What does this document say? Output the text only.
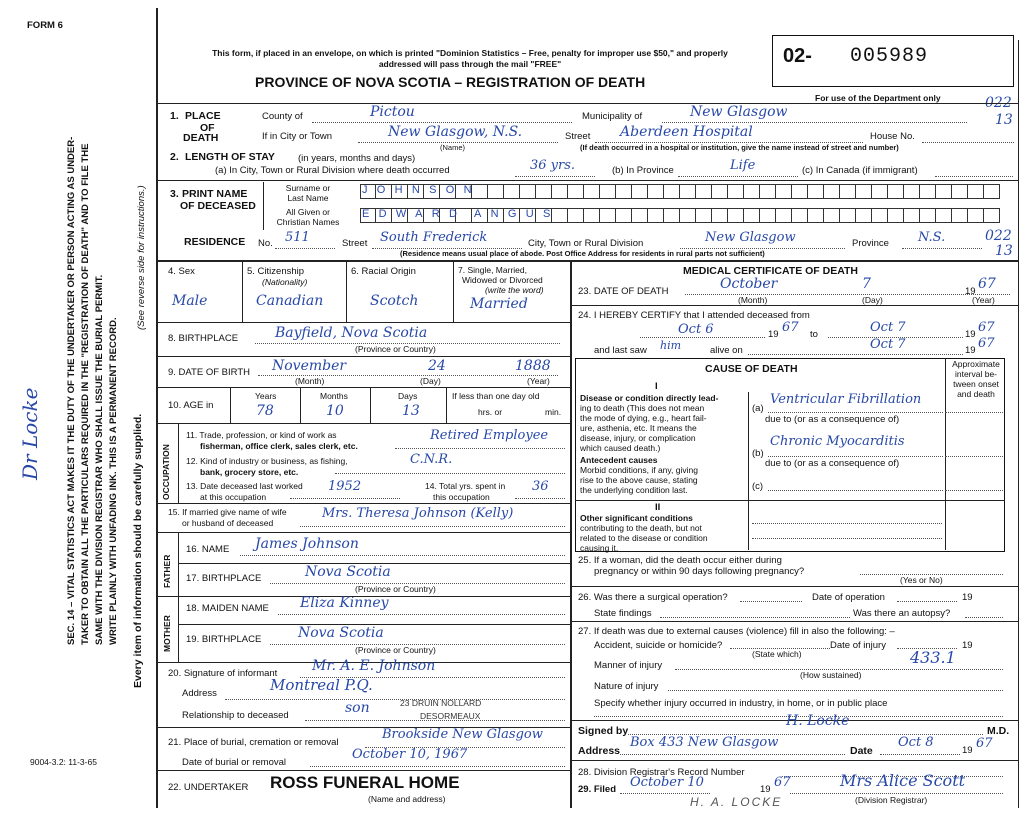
FORM 6
SEC. 14 – VITAL STATISTICS ACT MAKES IT THE DUTY OF THE UNDERTAKER OR PERSON ACTING AS UNDER- TAKER TO OBTAIN ALL THE PARTICULARS REQUIRED IN THE "REGISTRATION OF DEATH" AND TO FILE THE SAME WITH THE DIVISION REGISTRAR WHO SHALL ISSUE THE BURIAL PERMIT. WRITE PLAINLY WITH UNFADING INK. THIS IS A PERMANENT RECORD. Every item of information should be carefully supplied.
(See reverse side for instructions.)
Dr Locke
This form, if placed in an envelope, on which is printed "Dominion Statistics – Free, penalty for improper use $50," and properly addressed will pass through the mail "FREE"
PROVINCE OF NOVA SCOTIA – REGISTRATION OF DEATH
02- 005989
For use of the Department only	022
13
1. PLACE
OF
DEATH
County of	Pictou	Municipality of	New Glasgow
If in City or Town	New Glasgow, N.S.
(Name)
Street Aberdeen Hospital	House No.
(If death occurred in a hospital or institution, give the name instead of street and number)
2. LENGTH OF STAY (in years, months and days)
(a) In City, Town or Rural Division where death occurred	36 yrs.	(b) In Province	Life	(c) In Canada (if immigrant)
3. PRINT NAME
OF DECEASED
Surname or
Last Name
All Given or
Christian Names
JOHNSON
EDWARD ANGUS
RESIDENCE No. 511	Street South Frederick	City, Town or Rural Division	New Glasgow	Province N.S.	022
13
(Residence means usual place of abode. Post Office Address for residents in rural parts not sufficient)
4. Sex
Male
5. Citizenship
(Nationality)
Canadian
6. Racial Origin
Scotch
7. Single, Married,
Widowed or Divorced
(write the word)
Married
8. BIRTHPLACE	Bayfield, Nova Scotia
(Province or Country)
9. DATE OF BIRTH November	24	1888
(Month)	(Day)	(Year)
10. AGE in
Years	Months	Days
78	10	13
If less than one day old
hrs. or	min.
OCCUPATION
11. Trade, profession, or kind of work as
fisherman, office clerk, sales clerk, etc.
Retired Employee
12. Kind of industry or business, as fishing,
bank, grocery store, etc.
C.N.R.
13. Date deceased last worked
at this occupation
1952	14. Total yrs. spent in
this occupation
36
15. If married give name of wife
or husband of deceased
Mrs. Theresa Johnson (Kelly)
FATHER
16. NAME James Johnson
17. BIRTHPLACE	Nova Scotia
(Province or Country)
MOTHER
18. MAIDEN NAME Eliza Kinney
19. BIRTHPLACE	Nova Scotia
(Province or Country)
20. Signature of informant Mr. A. E. Johnson
Address	Montreal P.Q.
23 DRUIN NOLLARD
DESORMEAUX
Relationship to deceased	son
21. Place of burial, cremation or removal
Brookside New Glasgow
Date of burial or removal
October 10, 1967
22. UNDERTAKER ROSS FUNERAL HOME
(Name and address)
9004-3.2: 11-3-65
MEDICAL CERTIFICATE OF DEATH
23. DATE OF DEATH	October	7	19 67
(Month)	(Day)	(Year)
24. I HEREBY CERTIFY that I attended deceased from
Oct 6	19 67 to	Oct 7	19 67
and last saw him	alive on	Oct 7	19 67
CAUSE OF DEATH	Approximate
interval be-
tween onset
and death
I
Disease or condition directly lead-
ing to death (This does not mean
the mode of dying, e.g., heart fail-
ure, asthenia, etc. It means the
disease, injury, or complication
which caused death.)
(a)
Ventricular Fibrillation
due to (or as a consequence of)
Antecedent causes
Morbid conditions, if any, giving
rise to the above cause, stating
the underlying condition last.
(b)
Chronic Myocarditis
due to (or as a consequence of)
(c)
II
Other significant conditions
contributing to the death, but not
related to the disease or condition
causing it.
25. If a woman, did the death occur either during
pregnancy or within 90 days following pregnancy?
(Yes or No)
26. Was there a surgical operation?	Date of operation	19
State findings	Was there an autopsy?
27. If death was due to external causes (violence) fill in also the following: –
Accident, suicide or homicide?
(State which)
Date of injury	19
433.1
Manner of injury
(How sustained)
Nature of injury
Specify whether injury occurred in industry, in home, or in public place
Signed by
H. Locke
M.D.
Address
Box 433 New Glasgow
Date
Oct 8
19 67
28. Division Registrar's Record Number
29. Filed October 10	19 67	Mrs Alice Scott
(Division Registrar)
H. A. LOCKE
